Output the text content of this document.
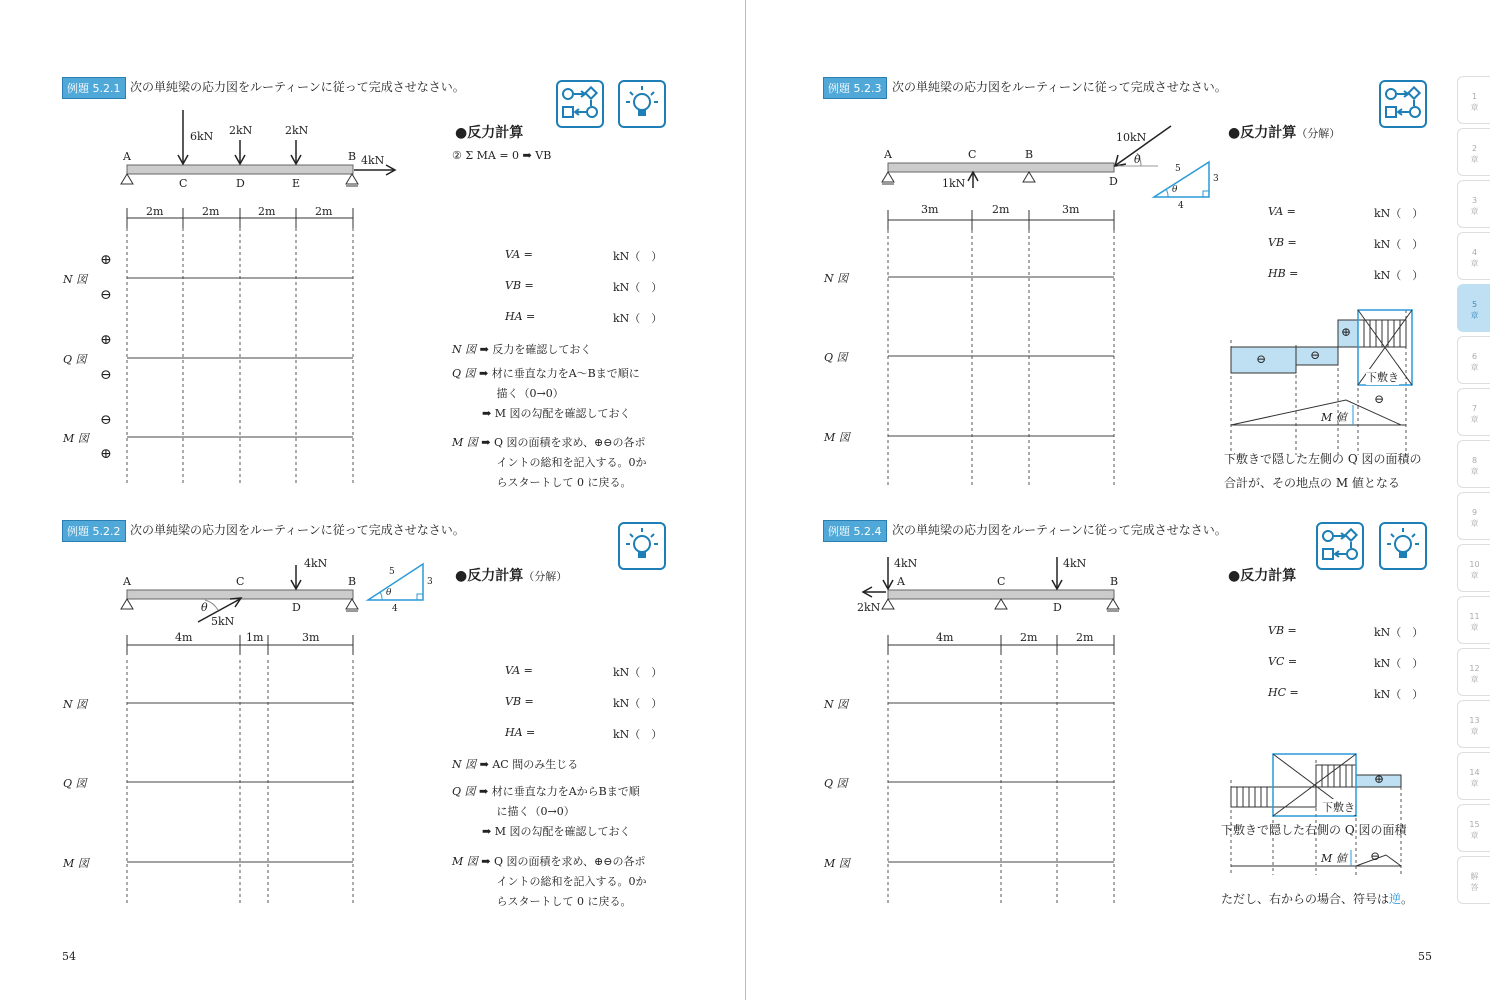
例題 5.2.1 次の単純梁の応力図をルーティーンに従って完成させなさい。
6kN 2kN	2kN
4kN
A	B
C	D	E
2m	2m	2m	2m
N 図
Q 図
M 図
⊕
⊖
⊕
⊖
⊖
⊕
●反力計算
② Σ MA = 0 ➡ VB
VA =	kN（　）
VB =	kN（　）
HA =	kN（　）
N 図 ➡ 反力を確認しておく
Q 図 ➡ 材に垂直な力をA～Bまで順に
　 描く（0→0）
➡ M 図の勾配を確認しておく
M 図 ➡ Q 図の面積を求め、⊕⊖の各ポ
　 イントの総和を記入する。0か
　 らスタートして 0 に戻る。
例題 5.2.2 次の単純梁の応力図をルーティーンに従って完成させなさい。
4kN
5kN
A	C	B
D
θ
5
3
4
θ
4m	1m	3m
N 図
Q 図
M 図
●反力計算（分解）
VA =	kN（　）
VB =	kN（　）
HA =	kN（　）
N 図 ➡ AC 間のみ生じる
Q 図 ➡ 材に垂直な力をAからBまで順
　 に描く（0→0）
➡ M 図の勾配を確認しておく
M 図 ➡ Q 図の面積を求め、⊕⊖の各ポ
　 イントの総和を記入する。0か
　 らスタートして 0 に戻る。
54
例題 5.2.3 次の単純梁の応力図をルーティーンに従って完成させなさい。
10kN
1kN
θ
A	C	B
D
5
3
4
θ
3m	2m	3m
N 図
Q 図
M 図
●反力計算（分解）
VA =	kN（　）
VB =	kN（　）
HB =	kN（　）
⊖	⊖
⊕
⊖
下敷き
M 値
下敷きで隠した左側の Q 図の面積の
合計が、その地点の M 値となる
例題 5.2.4 次の単純梁の応力図をルーティーンに従って完成させなさい。
4kN	4kN
2kN
A	C	B
D
4m	2m	2m
N 図
Q 図
M 図
●反力計算
VB =	kN（　）
VC =	kN（　）
HC =	kN（　）
⊕
⊖
下敷き
M 値
下敷きで隠した右側の Q 図の面積
ただし、右からの場合、符号は逆。
55
1
章
2
章
3
章
4
章
5
章
6
章
7
章
8
章
9
章
10
章
11
章
12
章
13
章
14
章
15
章
解
答
